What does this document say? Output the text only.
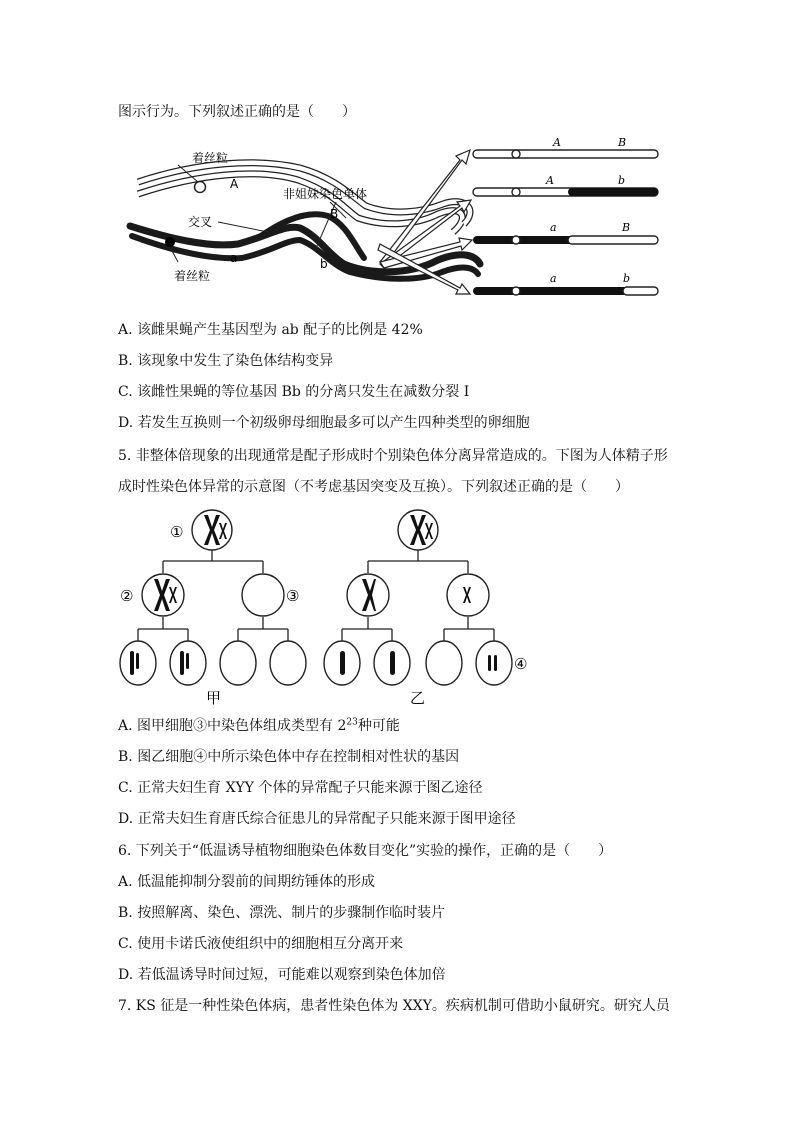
图示行为。下列叙述正确的是（　　）
着丝粒
A
B
非姐妹染色单体
交叉
a	b
着丝粒
A	B
A	b
a	B
a	b
A. 该雌果蝇产生基因型为 ab 配子的比例是 42%
B. 该现象中发生了染色体结构变异
C. 该雌性果蝇的等位基因 Bb 的分离只发生在减数分裂 I
D. 若发生互换则一个初级卵母细胞最多可以产生四种类型的卵细胞
5. 非整体倍现象的出现通常是配子形成时个别染色体分离异常造成的。下图为人体精子形
成时性染色体异常的示意图（不考虑基因突变及互换）。下列叙述正确的是（　　）
①
②	③
④
甲	乙
A. 图甲细胞③中染色体组成类型有 $2^{23}$种可能
B. 图乙细胞④中所示染色体中存在控制相对性状的基因
C. 正常夫妇生育 XYY 个体的异常配子只能来源于图乙途径
D. 正常夫妇生育唐氏综合征患儿的异常配子只能来源于图甲途径
6. 下列关于“低温诱导植物细胞染色体数目变化”实验的操作，正确的是（　　）
A. 低温能抑制分裂前的间期纺锤体的形成
B. 按照解离、染色、漂洗、制片的步骤制作临时装片
C. 使用卡诺氏液使组织中的细胞相互分离开来
D. 若低温诱导时间过短，可能难以观察到染色体加倍
7. KS 征是一种性染色体病，患者性染色体为 XXY。疾病机制可借助小鼠研究。研究人员
